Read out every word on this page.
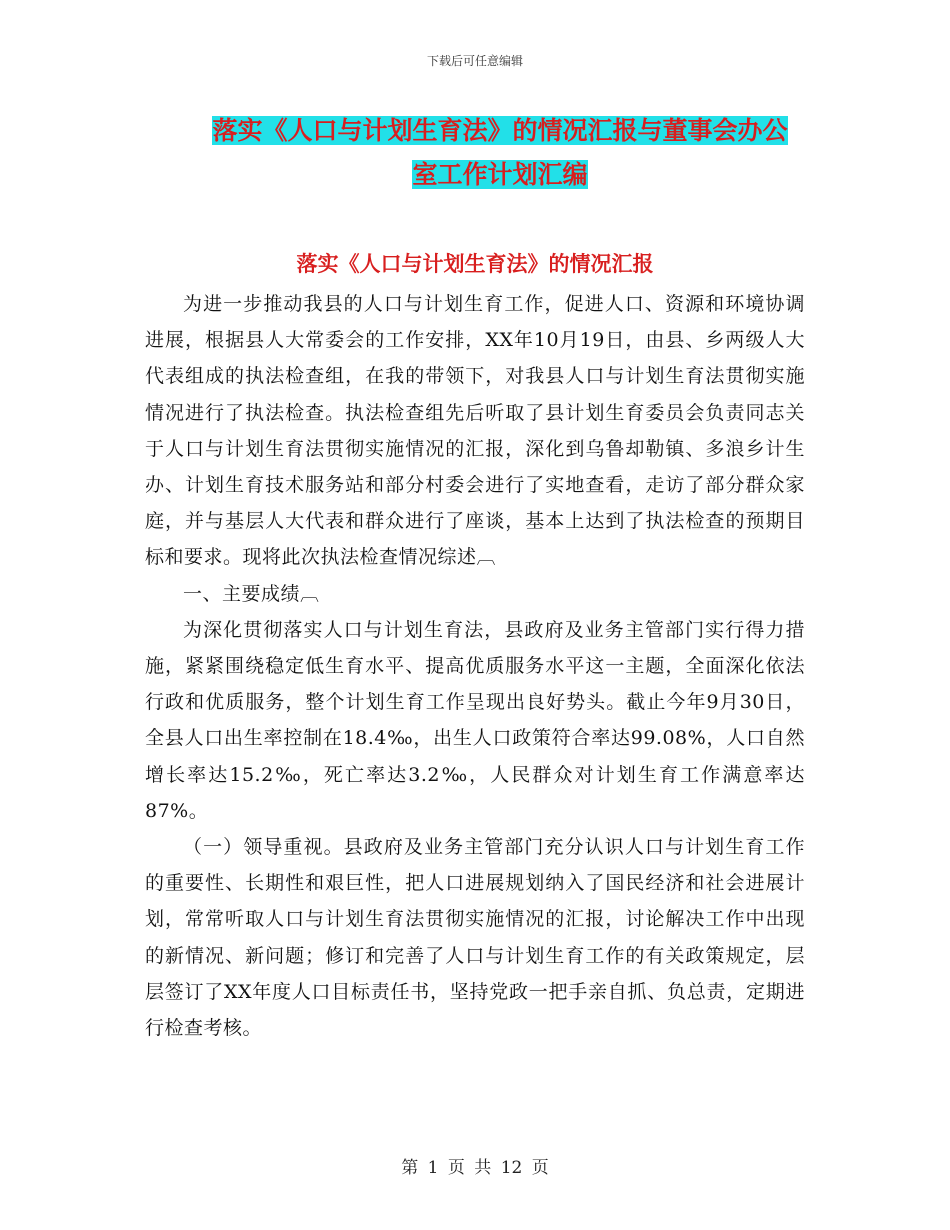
下载后可任意编辑
落实《人口与计划生育法》的情况汇报与董事会办公
室工作计划汇编
落实《人口与计划生育法》的情况汇报

为进一步推动我县的人口与计划生育工作，促进人口、资源和环境协调进展，根据县人大常委会的工作安排，XX年10月19日，由县、乡两级人大代表组成的执法检查组，在我的带领下，对我县人口与计划生育法贯彻实施情况进行了执法检查。执法检查组先后听取了县计划生育委员会负责同志关于人口与计划生育法贯彻实施情况的汇报，深化到乌鲁却勒镇、多浪乡计生办、计划生育技术服务站和部分村委会进行了实地查看，走访了部分群众家庭，并与基层人大代表和群众进行了座谈，基本上达到了执法检查的预期目标和要求。现将此次执法检查情况综述︹

一、主要成绩︹

为深化贯彻落实人口与计划生育法，县政府及业务主管部门实行得力措施，紧紧围绕稳定低生育水平、提高优质服务水平这一主题，全面深化依法行政和优质服务，整个计划生育工作呈现出良好势头。截止今年9月30日，全县人口出生率控制在18.4‰，出生人口政策符合率达99.08%，人口自然增长率达15.2‰，死亡率达3.2‰，人民群众对计划生育工作满意率达87%。

（一）领导重视。县政府及业务主管部门充分认识人口与计划生育工作的重要性、长期性和艰巨性，把人口进展规划纳入了国民经济和社会进展计划，常常听取人口与计划生育法贯彻实施情况的汇报，讨论解决工作中出现的新情况、新问题；修订和完善了人口与计划生育工作的有关政策规定，层层签订了XX年度人口目标责任书，坚持党政一把手亲自抓、负总责，定期进行检查考核。

第 1 页 共 12 页
